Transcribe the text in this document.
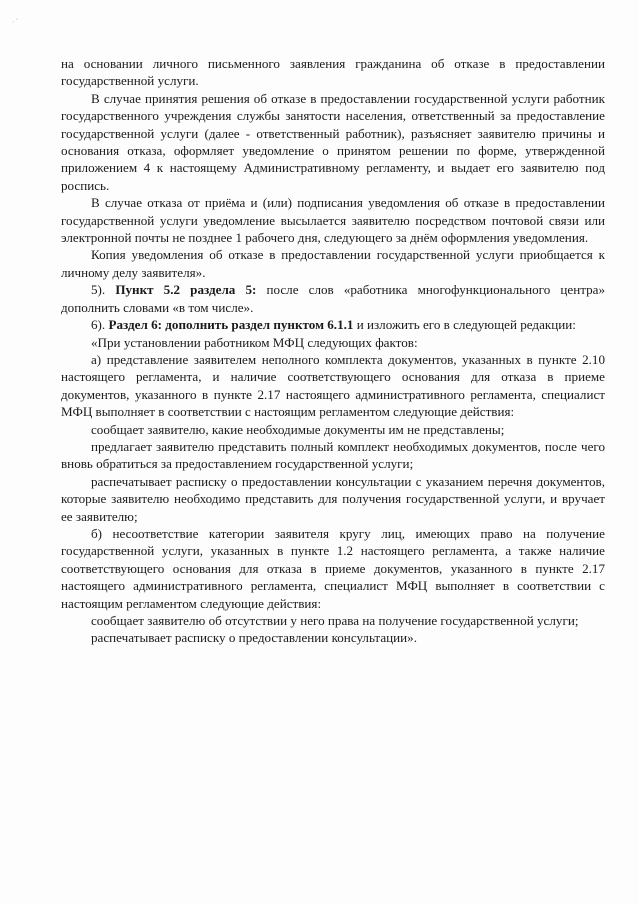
·´

на основании личного письменного заявления гражданина об отказе в предоставлении государственной услуги.

В случае принятия решения об отказе в предоставлении государственной услуги работник государственного учреждения службы занятости населения, ответственный за предоставление государственной услуги (далее - ответственный работник), разъясняет заявителю причины и основания отказа, оформляет уведомление о принятом решении по форме, утвержденной приложением 4 к настоящему Административному регламенту, и выдает его заявителю под роспись.

В случае отказа от приёма и (или) подписания уведомления об отказе в предоставлении государственной услуги уведомление высылается заявителю посредством почтовой связи или электронной почты не позднее 1 рабочего дня, следующего за днём оформления уведомления.

Копия уведомления об отказе в предоставлении государственной услуги приобщается к личному делу заявителя».

5). Пункт 5.2 раздела 5: после слов «работника многофункционального центра» дополнить словами «в том числе».

6). Раздел 6: дополнить раздел пунктом 6.1.1 и изложить его в следующей редакции:

«При установлении работником МФЦ следующих фактов:

а) представление заявителем неполного комплекта документов, указанных в пункте 2.10 настоящего регламента, и наличие соответствующего основания для отказа в приеме документов, указанного в пункте 2.17 настоящего административного регламента, специалист МФЦ выполняет в соответствии с настоящим регламентом следующие действия:

сообщает заявителю, какие необходимые документы им не представлены;

предлагает заявителю представить полный комплект необходимых документов, после чего вновь обратиться за предоставлением государственной услуги;

распечатывает расписку о предоставлении консультации с указанием перечня документов, которые заявителю необходимо представить для получения государственной услуги, и вручает ее заявителю;

б) несоответствие категории заявителя кругу лиц, имеющих право на получение государственной услуги, указанных в пункте 1.2 настоящего регламента, а также наличие соответствующего основания для отказа в приеме документов, указанного в пункте 2.17 настоящего административного регламента, специалист МФЦ выполняет в соответствии с настоящим регламентом следующие действия:

сообщает заявителю об отсутствии у него права на получение государственной услуги;

распечатывает расписку о предоставлении консультации».
